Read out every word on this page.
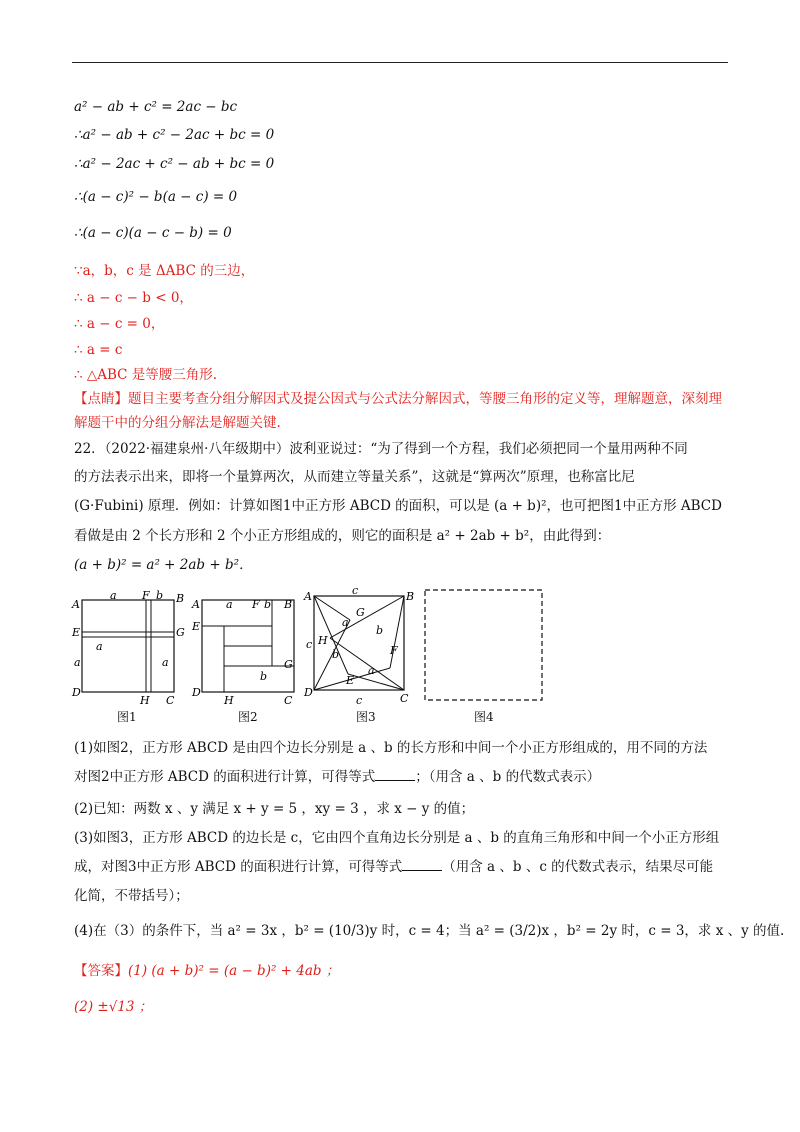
a² − ab + c² = 2ac − bc
∴a² − ab + c² − 2ac + bc = 0
∴a² − 2ac + c² − ab + bc = 0
∴(a − c)² − b(a − c) = 0
∴(a − c)(a − c − b) = 0
∵a，b，c 是 ΔABC 的三边，
∴ a − c − b < 0，
∴ a − c = 0，
∴ a = c
∴ △ABC 是等腰三角形.
【点睛】题目主要考查分组分解因式及提公因式与公式法分解因式，等腰三角形的定义等，理解题意，深刻理解题干中的分组分解法是解题关键.
22．（2022·福建泉州·八年级期中）波利亚说过：“为了得到一个方程，我们必须把同一个量用两种不同
的方法表示出来，即将一个量算两次，从而建立等量关系”，这就是“算两次”原理，也称富比尼
(G·Fubini) 原理．例如：计算如图1中正方形 ABCD 的面积，可以是 (a + b)²，也可把图1中正方形 ABCD
看做是由 2 个长方形和 2 个小正方形组成的，则它的面积是 a² + 2ab + b²，由此得到：
(a + b)² = a² + 2ab + b²．
A	B
C
D
E
F
G
H
a	b
a
a	a
图1
A	B
C
D
E
F
G
H
a	b
b
图2
A	B
C
D
E
F
G
H
c
c
c
a
a
b
b
图3	图4
(1)如图2，正方形 ABCD 是由四个边长分别是 a 、b 的长方形和中间一个小正方形组成的，用不同的方法
对图2中正方形 ABCD 的面积进行计算，可得等式	；（用含 a 、b 的代数式表示）
(2)已知：两数 x 、y 满足 x + y = 5 ，xy = 3 ，求 x − y 的值；
(3)如图3，正方形 ABCD 的边长是 c，它由四个直角边长分别是 a 、b 的直角三角形和中间一个小正方形组
成，对图3中正方形 ABCD 的面积进行计算，可得等式	（用含 a 、b 、c 的代数式表示，结果尽可能
化简，不带括号）；
(4)在（3）的条件下，当 a² = 3x ，b² = (10/3)y 时，c = 4；当 a² = (3/2)x ，b² = 2y 时，c = 3，求 x 、y 的值.
【答案】(1) (a + b)² = (a − b)² + 4ab ；
(2) ±√13 ；
